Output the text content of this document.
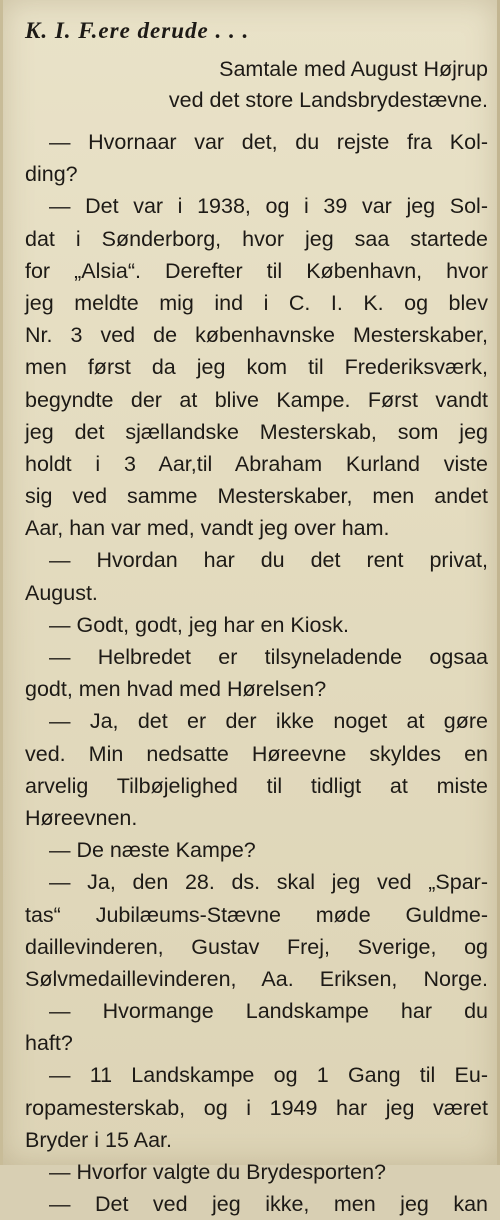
K. I. F.ere derude . . .
Samtale med August Højrup
ved det store Landsbrydestævne.
— Hvornaar var det, du rejste fra Kol-
ding?
— Det var i 1938, og i 39 var jeg Sol-
dat i Sønderborg, hvor jeg saa startede
for „Alsia“. Derefter til København, hvor
jeg meldte mig ind i C. I. K. og blev
Nr. 3 ved de københavnske Mesterskaber,
men først da jeg kom til Frederiksværk,
begyndte der at blive Kampe. Først vandt
jeg det sjællandske Mesterskab, som jeg
holdt i 3 Aar,til Abraham Kurland viste
sig ved samme Mesterskaber, men andet
Aar, han var med, vandt jeg over ham.
— Hvordan har du det rent privat,
August.
— Godt, godt, jeg har en Kiosk.
— Helbredet er tilsyneladende ogsaa
godt, men hvad med Hørelsen?
— Ja, det er der ikke noget at gøre
ved. Min nedsatte Høreevne skyldes en
arvelig Tilbøjelighed til tidligt at miste
Høreevnen.
— De næste Kampe?
— Ja, den 28. ds. skal jeg ved „Spar-
tas“ Jubilæums-Stævne møde Guldme-
daillevinderen, Gustav Frej, Sverige, og
Sølvmedaillevinderen, Aa. Eriksen, Norge.
— Hvormange Landskampe har du
haft?
— 11 Landskampe og 1 Gang til Eu-
ropamesterskab, og i 1949 har jeg været
Bryder i 15 Aar.
— Hvorfor valgte du Brydesporten?
— Det ved jeg ikke, men jeg kan
